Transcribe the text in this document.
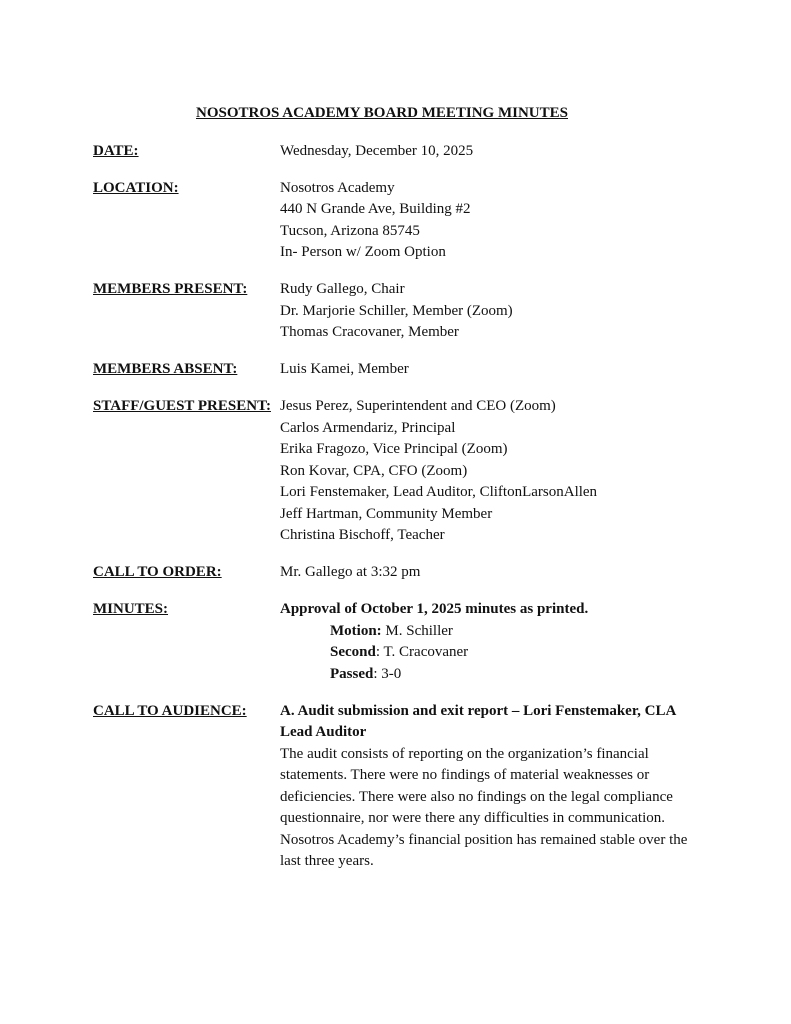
NOSOTROS ACADEMY BOARD MEETING MINUTES
DATE:	Wednesday, December 10, 2025
LOCATION:	Nosotros Academy
440 N Grande Ave, Building #2
Tucson, Arizona 85745
In- Person w/ Zoom Option
MEMBERS PRESENT:	Rudy Gallego, Chair
Dr. Marjorie Schiller, Member (Zoom)
Thomas Cracovaner, Member
MEMBERS ABSENT:	Luis Kamei, Member
STAFF/GUEST PRESENT: Jesus Perez, Superintendent and CEO (Zoom)
Carlos Armendariz, Principal
Erika Fragozo, Vice Principal (Zoom)
Ron Kovar, CPA, CFO (Zoom)
Lori Fenstemaker, Lead Auditor, CliftonLarsonAllen
Jeff Hartman, Community Member
Christina Bischoff, Teacher
CALL TO ORDER:	Mr. Gallego at 3:32 pm
MINUTES:	Approval of October 1, 2025 minutes as printed.
Motion: M. Schiller
Second: T. Cracovaner
Passed: 3-0
CALL TO AUDIENCE:	A. Audit submission and exit report – Lori Fenstemaker, CLA Lead Auditor
The audit consists of reporting on the organization’s financial statements. There were no findings of material weaknesses or deficiencies. There were also no findings on the legal compliance questionnaire, nor were there any difficulties in communication. Nosotros Academy’s financial position has remained stable over the last three years.
